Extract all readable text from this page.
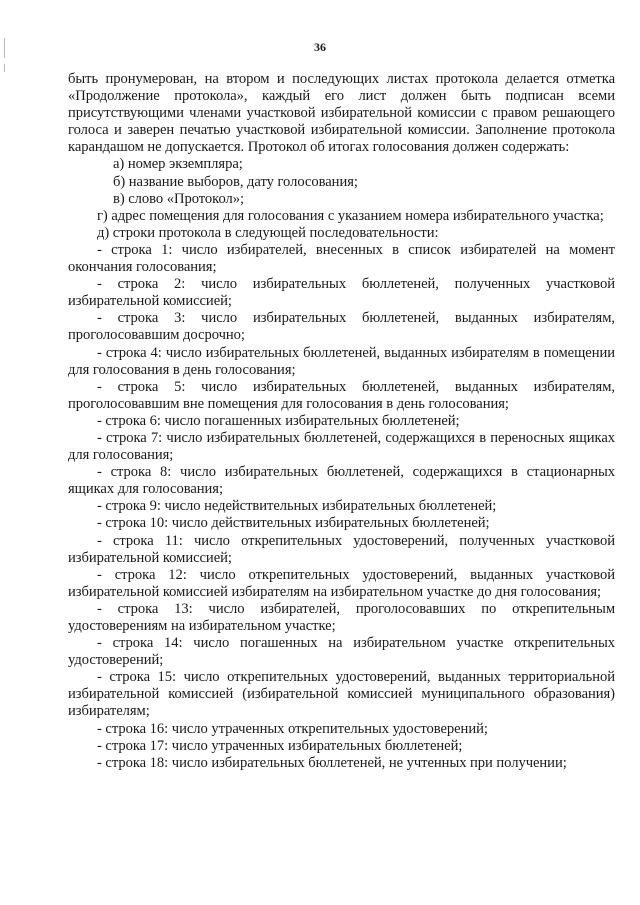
36

быть пронумерован, на втором и последующих листах протокола делается отметка «Продолжение протокола», каждый его лист должен быть подписан всеми присутствующими членами участковой избирательной комиссии с правом решающего голоса и заверен печатью участковой избирательной комиссии. Заполнение протокола карандашом не допускается. Протокол об итогах голосования должен содержать:

а) номер экземпляра;

б) название выборов, дату голосования;

в) слово «Протокол»;

г) адрес помещения для голосования с указанием номера избирательного участка;

д) строки протокола в следующей последовательности:

- строка 1: число избирателей, внесенных в список избирателей на момент окончания голосования;

- строка 2: число избирательных бюллетеней, полученных участковой избирательной комиссией;

- строка 3: число избирательных бюллетеней, выданных избирателям, проголосовавшим досрочно;

- строка 4: число избирательных бюллетеней, выданных избирателям в помещении для голосования в день голосования;

- строка 5: число избирательных бюллетеней, выданных избирателям, проголосовавшим вне помещения для голосования в день голосования;

- строка 6: число погашенных избирательных бюллетеней;

- строка 7: число избирательных бюллетеней, содержащихся в переносных ящиках для голосования;

- строка 8: число избирательных бюллетеней, содержащихся в стационарных ящиках для голосования;

- строка 9: число недействительных избирательных бюллетеней;

- строка 10: число действительных избирательных бюллетеней;

- строка 11: число открепительных удостоверений, полученных участковой избирательной комиссией;

- строка 12: число открепительных удостоверений, выданных участковой избирательной комиссией избирателям на избирательном участке до дня голосования;

- строка 13: число избирателей, проголосовавших по открепительным удостоверениям на избирательном участке;

- строка 14: число погашенных на избирательном участке открепительных удостоверений;

- строка 15: число открепительных удостоверений, выданных территориальной избирательной комиссией (избирательной комиссией муниципального образования) избирателям;

- строка 16: число утраченных открепительных удостоверений;

- строка 17: число утраченных избирательных бюллетеней;

- строка 18: число избирательных бюллетеней, не учтенных при получении;
